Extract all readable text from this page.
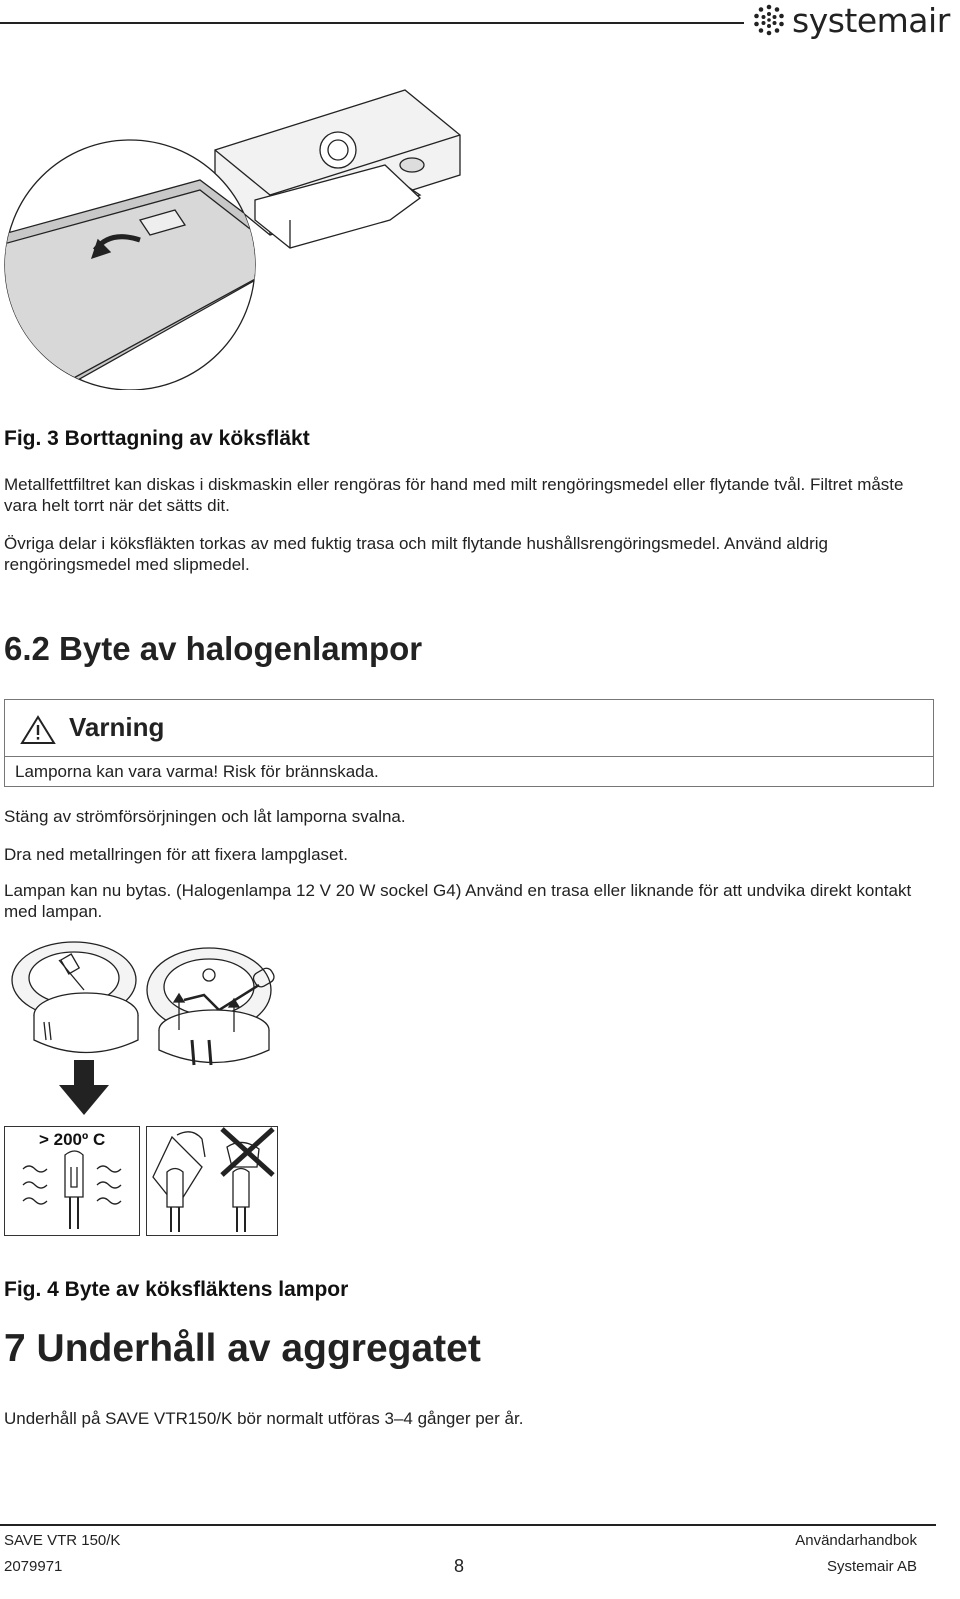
systemair
Fig. 3 Borttagning av köksfläkt
Metallfettfiltret kan diskas i diskmaskin eller rengöras för hand med milt rengöringsmedel eller flytande tvål. Filtret måste vara helt torrt när det sätts dit.
Övriga delar i köksfläkten torkas av med fuktig trasa och milt flytande hushållsrengöringsmedel. Använd aldrig rengöringsmedel med slipmedel.
6.2 Byte av halogenlampor
Varning
Lamporna kan vara varma! Risk för brännskada.
Stäng av strömförsörjningen och låt lamporna svalna.
Dra ned metallringen för att fixera lampglaset.
Lampan kan nu bytas. (Halogenlampa 12 V 20 W sockel G4) Använd en trasa eller liknande för att undvika direkt kontakt med lampan.
> 200º C
Fig. 4 Byte av köksfläktens lampor
7 Underhåll av aggregatet
Underhåll på SAVE VTR150/K bör normalt utföras 3–4 gånger per år.
SAVE VTR 150/K
2079971	8
Användarhandbok
Systemair AB
